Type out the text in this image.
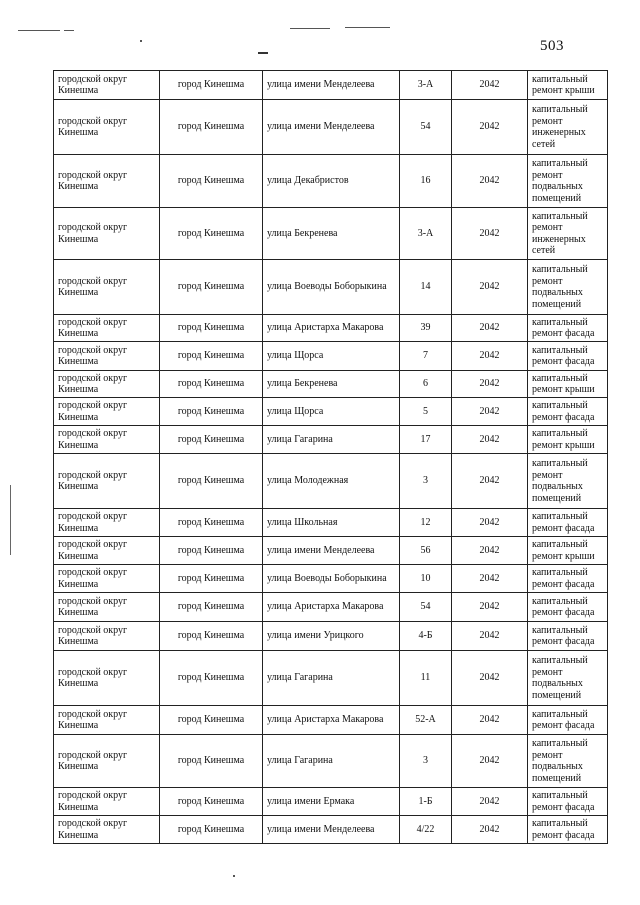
503
городской округ Кинешма	город Кинешма	улица имени Менделеева	3-А	2042	капитальный ремонт крыши
городской округ Кинешма	город Кинешма	улица имени Менделеева	54	2042	капитальный ремонт инженерных сетей
городской округ Кинешма	город Кинешма	улица Декабристов	16	2042	капитальный ремонт подвальных помещений
городской округ Кинешма	город Кинешма	улица Бекренева	3-А	2042	капитальный ремонт инженерных сетей
городской округ Кинешма	город Кинешма	улица Воеводы Боборыкина	14	2042	капитальный ремонт подвальных помещений
городской округ Кинешма	город Кинешма	улица Аристарха Макарова	39	2042	капитальный ремонт фасада
городской округ Кинешма	город Кинешма	улица Щорса	7	2042	капитальный ремонт фасада
городской округ Кинешма	город Кинешма	улица Бекренева	6	2042	капитальный ремонт крыши
городской округ Кинешма	город Кинешма	улица Щорса	5	2042	капитальный ремонт фасада
городской округ Кинешма	город Кинешма	улица Гагарина	17	2042	капитальный ремонт крыши
городской округ Кинешма	город Кинешма	улица Молодежная	3	2042	капитальный ремонт подвальных помещений
городской округ Кинешма	город Кинешма	улица Школьная	12	2042	капитальный ремонт фасада
городской округ Кинешма	город Кинешма	улица имени Менделеева	56	2042	капитальный ремонт крыши
городской округ Кинешма	город Кинешма	улица Воеводы Боборыкина	10	2042	капитальный ремонт фасада
городской округ Кинешма	город Кинешма	улица Аристарха Макарова	54	2042	капитальный ремонт фасада
городской округ Кинешма	город Кинешма	улица имени Урицкого	4-Б	2042	капитальный ремонт фасада
городской округ Кинешма	город Кинешма	улица Гагарина	11	2042	капитальный ремонт подвальных помещений
городской округ Кинешма	город Кинешма	улица Аристарха Макарова	52-А	2042	капитальный ремонт фасада
городской округ Кинешма	город Кинешма	улица Гагарина	3	2042	капитальный ремонт подвальных помещений
городской округ Кинешма	город Кинешма	улица имени Ермака	1-Б	2042	капитальный ремонт фасада
городской округ Кинешма	город Кинешма	улица имени Менделеева	4/22	2042	капитальный ремонт фасада
